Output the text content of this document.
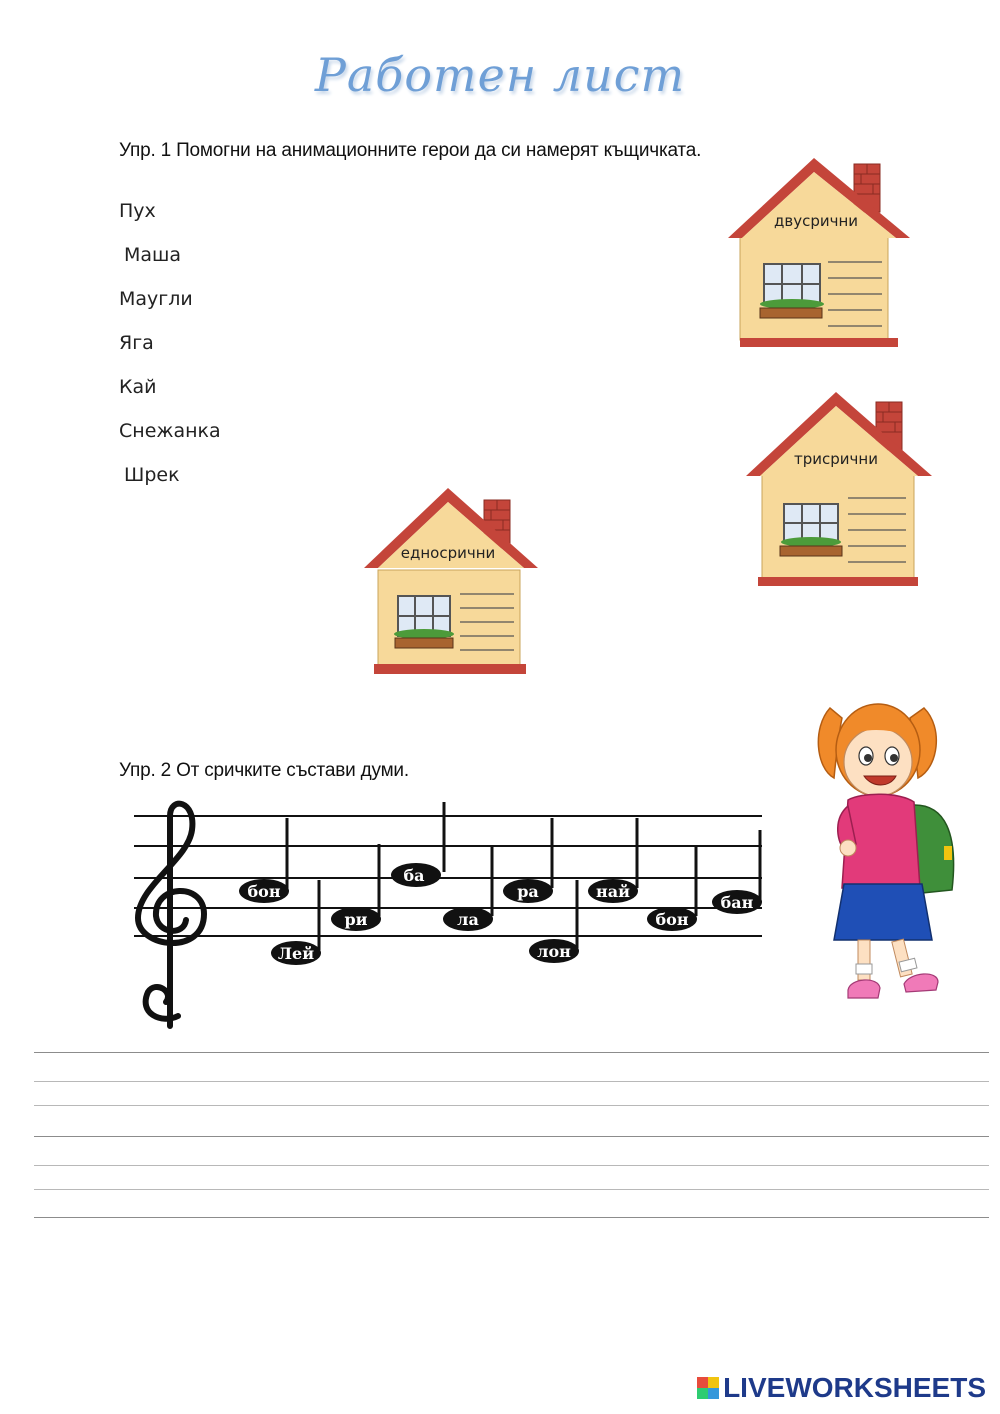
Работен лист
Упр. 1 Помогни на анимационните герои да си намерят къщичката.
Пух
Маша
Маугли
Яга
Кай
Снежанка
Шрек
двусрични
трисрични
едносрични
Упр. 2 От сричките състави думи.
бон
Лей
ри
ба
ла
ра
лон
най
бон
бан
LIVEWORKSHEETS
